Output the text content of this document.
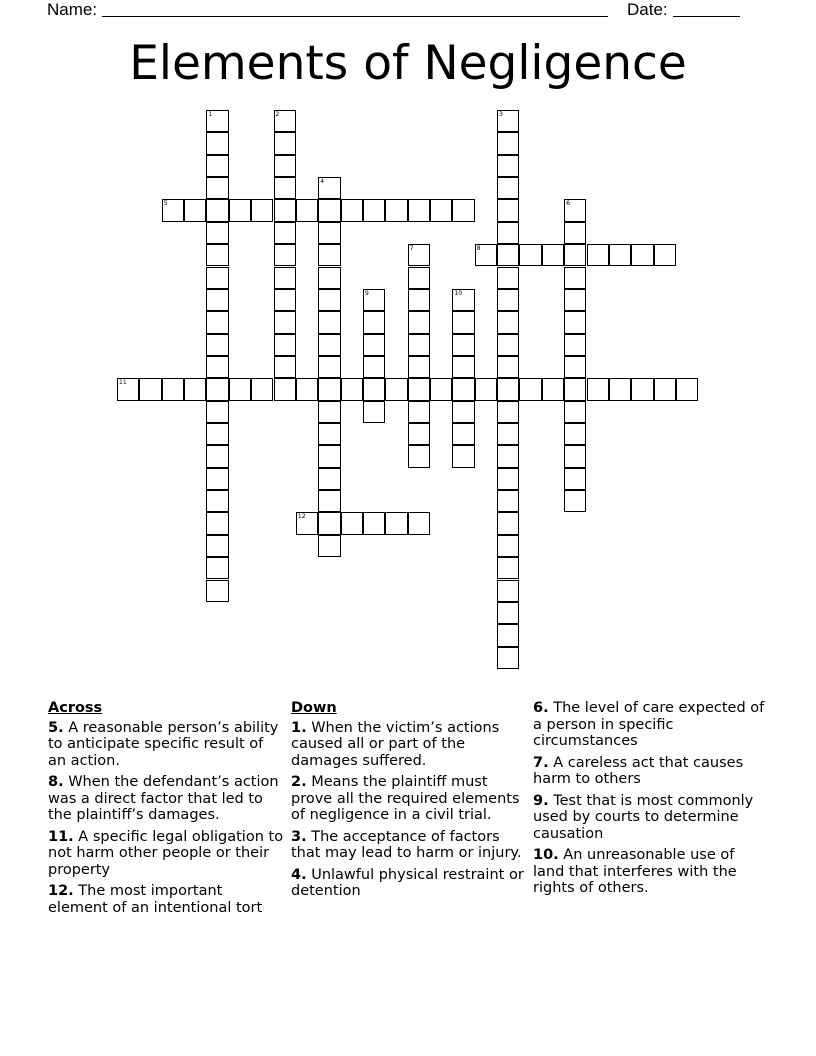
Name:	Date:
Elements of Negligence
1	2	3
4
5	6
7	8
9	10
11
12
Across
5. A reasonable person’s ability to anticipate specific result of an action.
8. When the defendant’s action was a direct factor that led to the plaintiff’s damages.
11. A specific legal obligation to not harm other people or their property
12. The most important element of an intentional tort
Down
1. When the victim’s actions caused all or part of the damages suffered.
2. Means the plaintiff must prove all the required elements of negligence in a civil trial.
3. The acceptance of factors that may lead to harm or injury.
4. Unlawful physical restraint or detention
6. The level of care expected of a person in specific circumstances
7. A careless act that causes harm to others
9. Test that is most commonly used by courts to determine causation
10. An unreasonable use of land that interferes with the rights of others.
